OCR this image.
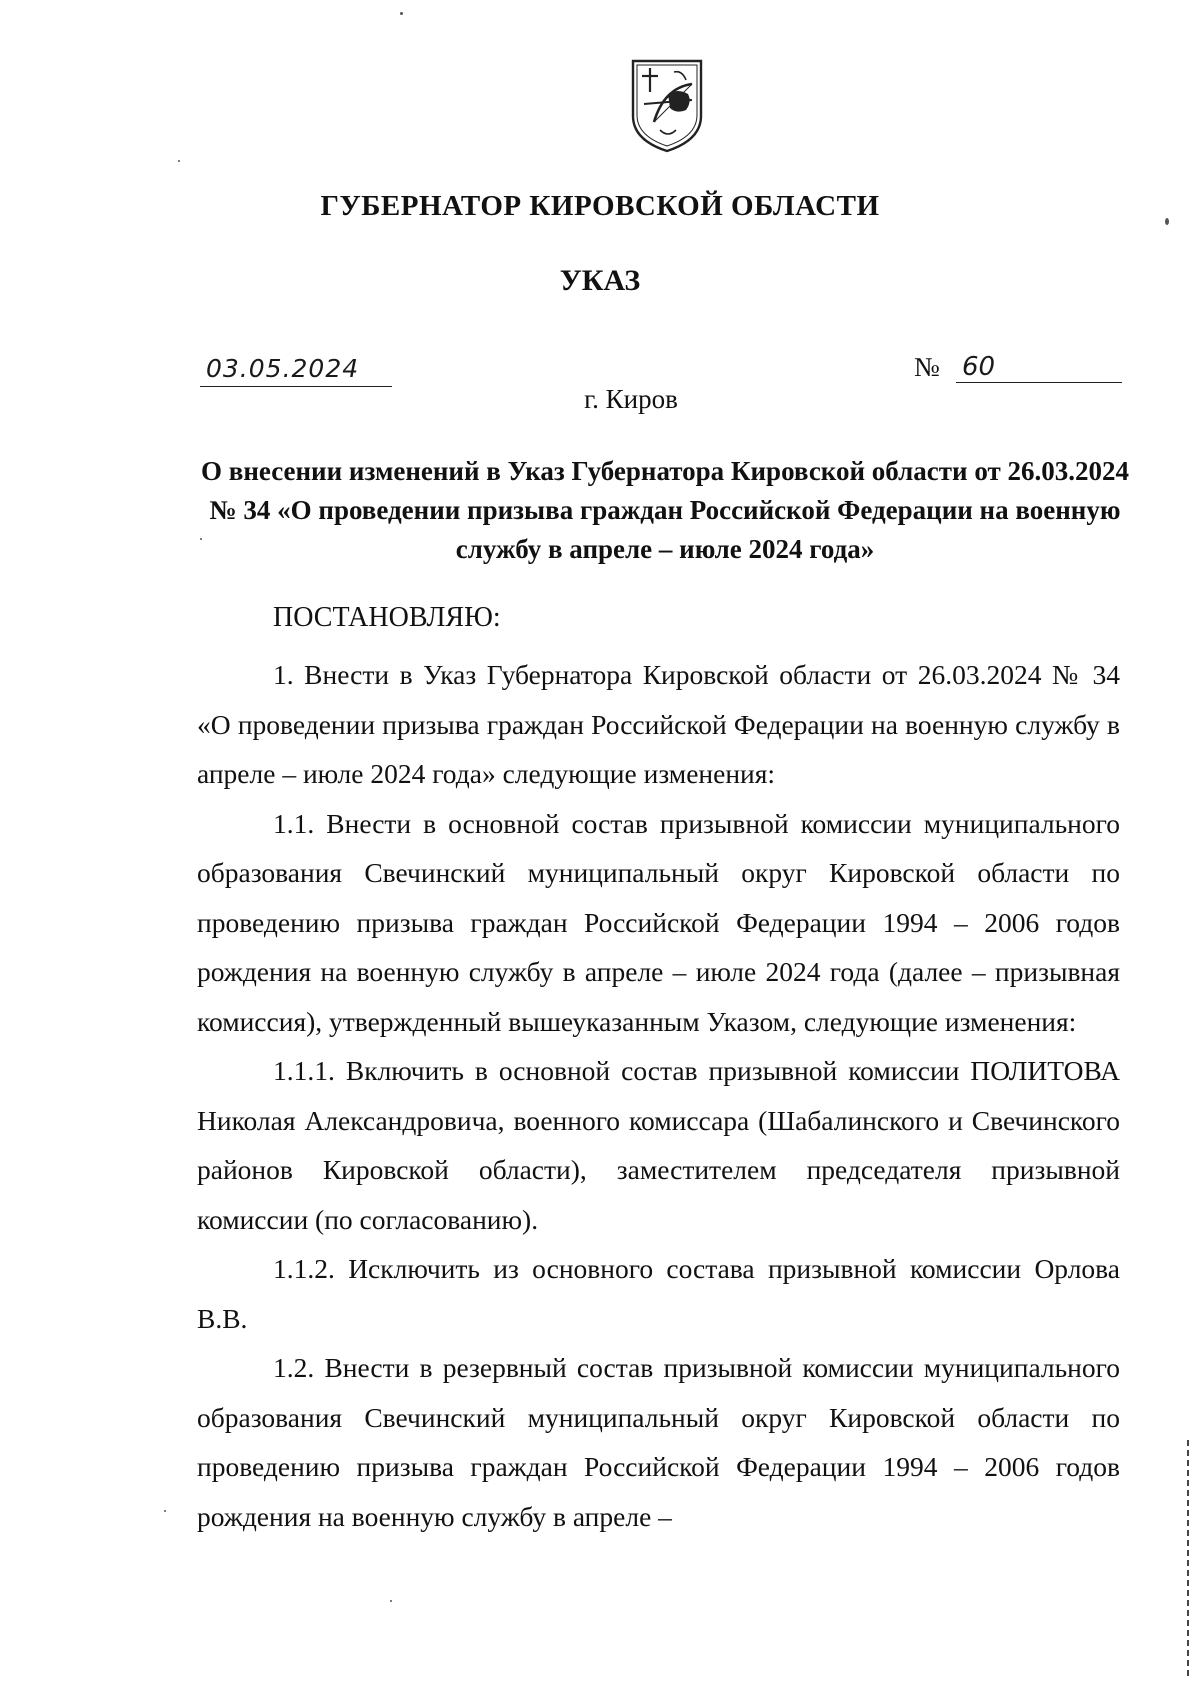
ГУБЕРНАТОР КИРОВСКОЙ ОБЛАСТИ
УКАЗ
03.05.2024	№ 60
г. Киров
О внесении изменений в Указ Губернатора Кировской области от 26.03.2024 № 34 «О проведении призыва граждан Российской Федерации на военную службу в апреле – июле 2024 года»
ПОСТАНОВЛЯЮ:

1. Внести в Указ Губернатора Кировской области от 26.03.2024 № 34 «О проведении призыва граждан Российской Федерации на военную службу в апреле – июле 2024 года» следующие изменения:

1.1. Внести в основной состав призывной комиссии муниципального образования Свечинский муниципальный округ Кировской области по проведению призыва граждан Российской Федерации 1994 – 2006 годов рождения на военную службу в апреле – июле 2024 года (далее – призывная комиссия), утвержденный вышеуказанным Указом, следующие изменения:

1.1.1. Включить в основной состав призывной комиссии ПОЛИТОВА Николая Александровича, военного комиссара (Шабалинского и Свечинского районов Кировской области), заместителем председателя призывной комиссии (по согласованию).

1.1.2. Исключить из основного состава призывной комиссии Орлова В.В.

1.2. Внести в резервный состав призывной комиссии муниципального образования Свечинский муниципальный округ Кировской области по проведению призыва граждан Российской Федерации 1994 – 2006 годов рождения на военную службу в апреле –
